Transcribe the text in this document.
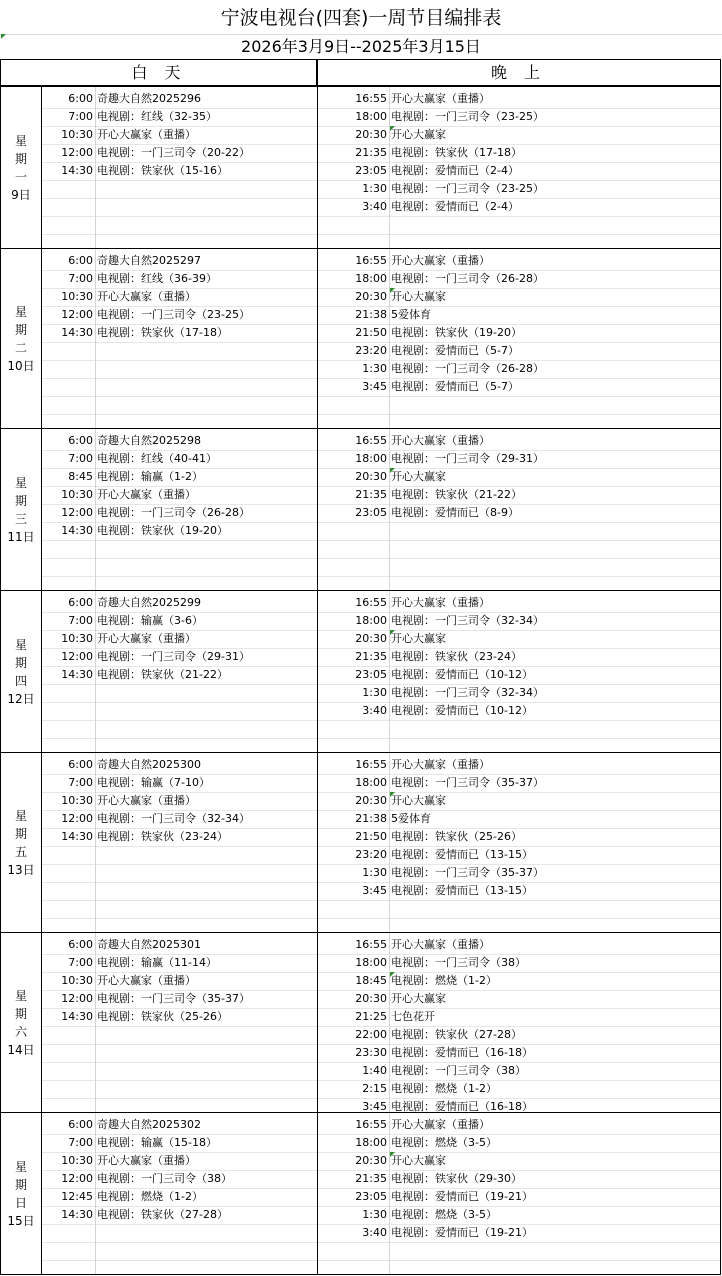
宁波电视台(四套)一周节目编排表
2026年3月9日--2025年3月15日
白 天	晚 上
星
期
一
9日
6:00 奇趣大自然2025296
7:00 电视剧：红线（32-35）
10:30 开心大赢家（重播）
12:00 电视剧：一门三司令（20-22）
14:30 电视剧：铁家伙（15-16）
16:55 开心大赢家（重播）
18:00 电视剧：一门三司令（23-25）
20:30 开心大赢家
21:35 电视剧：铁家伙（17-18）
23:05 电视剧：爱情而已（2-4）
1:30 电视剧：一门三司令（23-25）
3:40 电视剧：爱情而已（2-4）
星
期
二
10日
6:00 奇趣大自然2025297
7:00 电视剧：红线（36-39）
10:30 开心大赢家（重播）
12:00 电视剧：一门三司令（23-25）
14:30 电视剧：铁家伙（17-18）
16:55 开心大赢家（重播）
18:00 电视剧：一门三司令（26-28）
20:30 开心大赢家
21:38 5爱体育
21:50 电视剧：铁家伙（19-20）
23:20 电视剧：爱情而已（5-7）
1:30 电视剧：一门三司令（26-28）
3:45 电视剧：爱情而已（5-7）
星
期
三
11日
6:00 奇趣大自然2025298
7:00 电视剧：红线（40-41）
8:45 电视剧：输赢（1-2）
10:30 开心大赢家（重播）
12:00 电视剧：一门三司令（26-28）
14:30 电视剧：铁家伙（19-20）
16:55 开心大赢家（重播）
18:00 电视剧：一门三司令（29-31）
20:30 开心大赢家
21:35 电视剧：铁家伙（21-22）
23:05 电视剧：爱情而已（8-9）
星
期
四
12日
6:00 奇趣大自然2025299
7:00 电视剧：输赢（3-6）
10:30 开心大赢家（重播）
12:00 电视剧：一门三司令（29-31）
14:30 电视剧：铁家伙（21-22）
16:55 开心大赢家（重播）
18:00 电视剧：一门三司令（32-34）
20:30 开心大赢家
21:35 电视剧：铁家伙（23-24）
23:05 电视剧：爱情而已（10-12）
1:30 电视剧：一门三司令（32-34）
3:40 电视剧：爱情而已（10-12）
星
期
五
13日
6:00 奇趣大自然2025300
7:00 电视剧：输赢（7-10）
10:30 开心大赢家（重播）
12:00 电视剧：一门三司令（32-34）
14:30 电视剧：铁家伙（23-24）
16:55 开心大赢家（重播）
18:00 电视剧：一门三司令（35-37）
20:30 开心大赢家
21:38 5爱体育
21:50 电视剧：铁家伙（25-26）
23:20 电视剧：爱情而已（13-15）
1:30 电视剧：一门三司令（35-37）
3:45 电视剧：爱情而已（13-15）
星
期
六
14日
6:00 奇趣大自然2025301
7:00 电视剧：输赢（11-14）
10:30 开心大赢家（重播）
12:00 电视剧：一门三司令（35-37）
14:30 电视剧：铁家伙（25-26）
16:55 开心大赢家（重播）
18:00 电视剧：一门三司令（38）
18:45 电视剧：燃烧（1-2）
20:30 开心大赢家
21:25 七色花开
22:00 电视剧：铁家伙（27-28）
23:30 电视剧：爱情而已（16-18）
1:40 电视剧：一门三司令（38）
2:15 电视剧：燃烧（1-2）
3:45 电视剧：爱情而已（16-18）
星
期
日
15日
6:00 奇趣大自然2025302
7:00 电视剧：输赢（15-18）
10:30 开心大赢家（重播）
12:00 电视剧：一门三司令（38）
12:45 电视剧：燃烧（1-2）
14:30 电视剧：铁家伙（27-28）
16:55 开心大赢家（重播）
18:00 电视剧：燃烧（3-5）
20:30 开心大赢家
21:35 电视剧：铁家伙（29-30）
23:05 电视剧：爱情而已（19-21）
1:30 电视剧：燃烧（3-5）
3:40 电视剧：爱情而已（19-21）
